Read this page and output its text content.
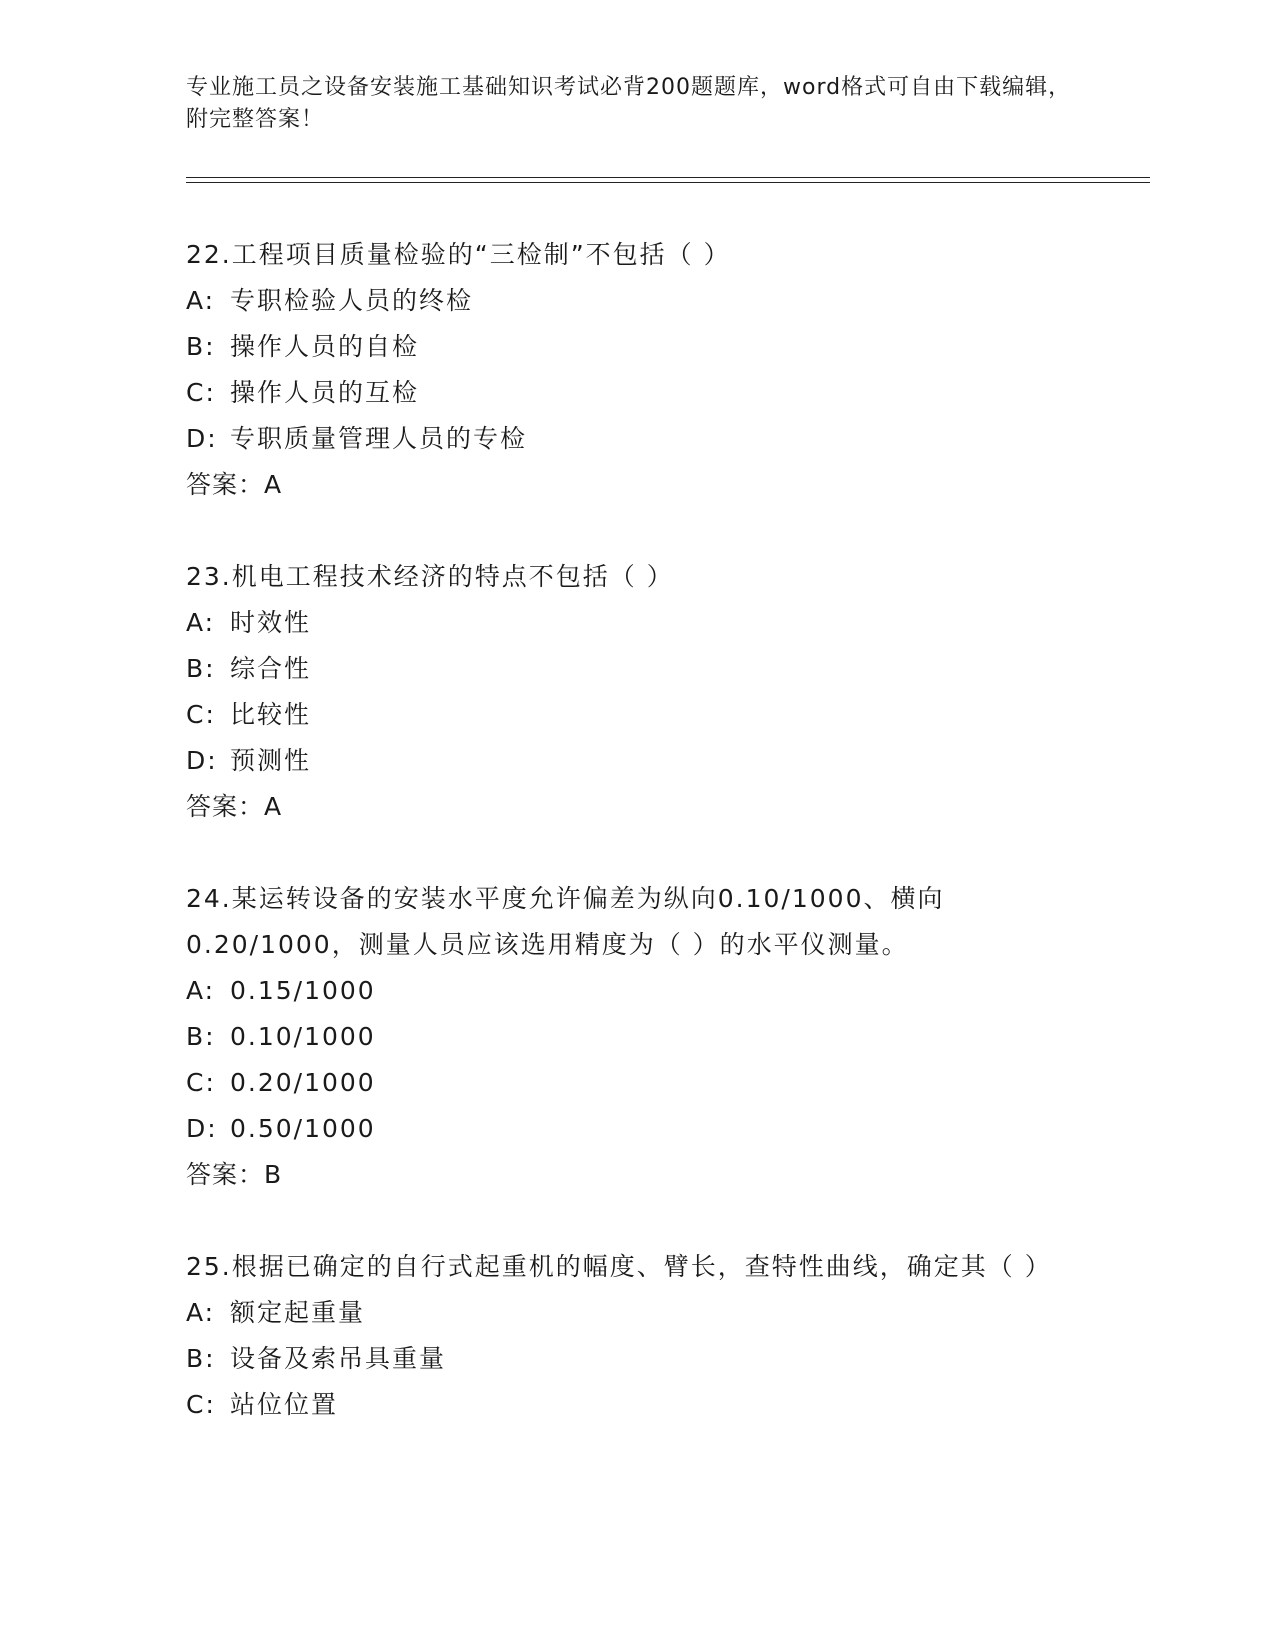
专业施工员之设备安装施工基础知识考试必背200题题库，word格式可自由下载编辑，附完整答案！

22.工程项目质量检验的“三检制”不包括（ ）

A: 专职检验人员的终检

B: 操作人员的自检

C: 操作人员的互检

D: 专职质量管理人员的专检

答案：A

23.机电工程技术经济的特点不包括（ ）

A: 时效性

B: 综合性

C: 比较性

D: 预测性

答案：A

24.某运转设备的安装水平度允许偏差为纵向0.10/1000、横向0.20/1000，测量人员应该选用精度为（ ）的水平仪测量。

A: 0.15/1000

B: 0.10/1000

C: 0.20/1000

D: 0.50/1000

答案：B

25.根据已确定的自行式起重机的幅度、臂长，查特性曲线，确定其（ ）

A: 额定起重量

B: 设备及索吊具重量

C: 站位位置
